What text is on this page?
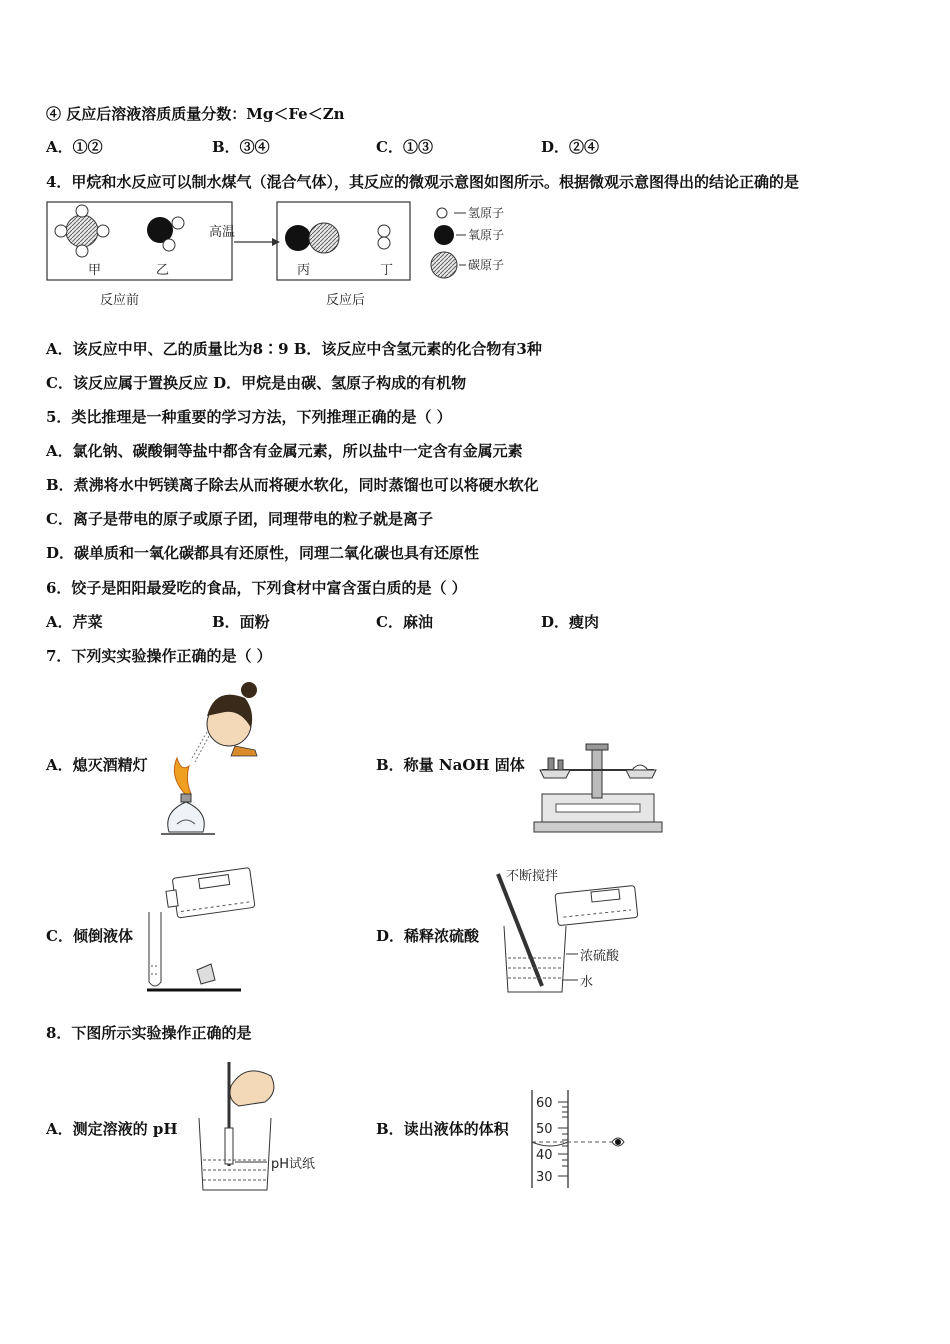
④ 反应后溶液溶质质量分数：Mg＜Fe＜Zn
A．①②	B．③④	C．①③	D．②④
4．甲烷和水反应可以制水煤气（混合气体），其反应的微观示意图如图所示。根据微观示意图得出的结论正确的是
甲	乙
高温
丙	丁
反应前	反应后
氢原子
氧原子
碳原子
A．该反应中甲、乙的质量比为8∶9 B．该反应中含氢元素的化合物有3种
C．该反应属于置换反应 D．甲烷是由碳、氢原子构成的有机物
5．类比推理是一种重要的学习方法，下列推理正确的是（ ）
A．氯化钠、碳酸铜等盐中都含有金属元素，所以盐中一定含有金属元素
B．煮沸将水中钙镁离子除去从而将硬水软化，同时蒸馏也可以将硬水软化
C．离子是带电的原子或原子团，同理带电的粒子就是离子
D．碳单质和一氧化碳都具有还原性，同理二氧化碳也具有还原性
6．饺子是阳阳最爱吃的食品，下列食材中富含蛋白质的是（ ）
A．芹菜	B．面粉	C．麻油	D．瘦肉
7．下列实实验操作正确的是（ ）
A．熄灭酒精灯	B．称量 NaOH 固体
C．倾倒液体	D．稀释浓硫酸
不断搅拌
浓硫酸
水
8．下图所示实验操作正确的是
A．测定溶液的 pH
pH试纸
B．读出液体的体积
60
50
40
30
